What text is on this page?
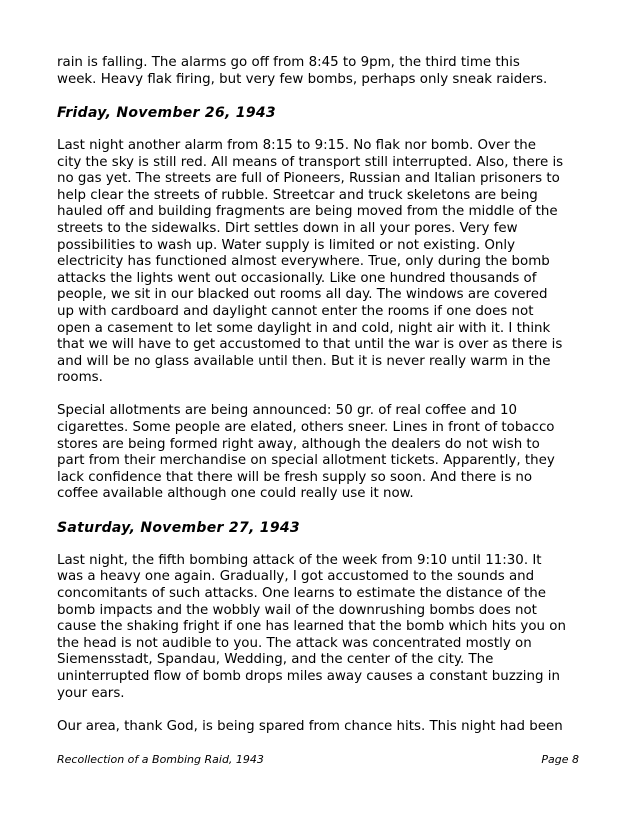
rain is falling. The alarms go off from 8:45 to 9pm, the third time this
week. Heavy flak firing, but very few bombs, perhaps only sneak raiders.

Friday, November 26, 1943

Last night another alarm from 8:15 to 9:15. No flak nor bomb. Over the
city the sky is still red. All means of transport still interrupted. Also, there is
no gas yet. The streets are full of Pioneers, Russian and Italian prisoners to
help clear the streets of rubble. Streetcar and truck skeletons are being
hauled off and building fragments are being moved from the middle of the
streets to the sidewalks. Dirt settles down in all your pores. Very few
possibilities to wash up. Water supply is limited or not existing. Only
electricity has functioned almost everywhere. True, only during the bomb
attacks the lights went out occasionally. Like one hundred thousands of
people, we sit in our blacked out rooms all day. The windows are covered
up with cardboard and daylight cannot enter the rooms if one does not
open a casement to let some daylight in and cold, night air with it. I think
that we will have to get accustomed to that until the war is over as there is
and will be no glass available until then. But it is never really warm in the
rooms.

Special allotments are being announced: 50 gr. of real coffee and 10
cigarettes. Some people are elated, others sneer. Lines in front of tobacco
stores are being formed right away, although the dealers do not wish to
part from their merchandise on special allotment tickets. Apparently, they
lack confidence that there will be fresh supply so soon. And there is no
coffee available although one could really use it now.

Saturday, November 27, 1943

Last night, the fifth bombing attack of the week from 9:10 until 11:30. It
was a heavy one again. Gradually, I got accustomed to the sounds and
concomitants of such attacks. One learns to estimate the distance of the
bomb impacts and the wobbly wail of the downrushing bombs does not
cause the shaking fright if one has learned that the bomb which hits you on
the head is not audible to you. The attack was concentrated mostly on
Siemensstadt, Spandau, Wedding, and the center of the city. The
uninterrupted flow of bomb drops miles away causes a constant buzzing in
your ears.

Our area, thank God, is being spared from chance hits. This night had been

Recollection of a Bombing Raid, 1943	Page 8
